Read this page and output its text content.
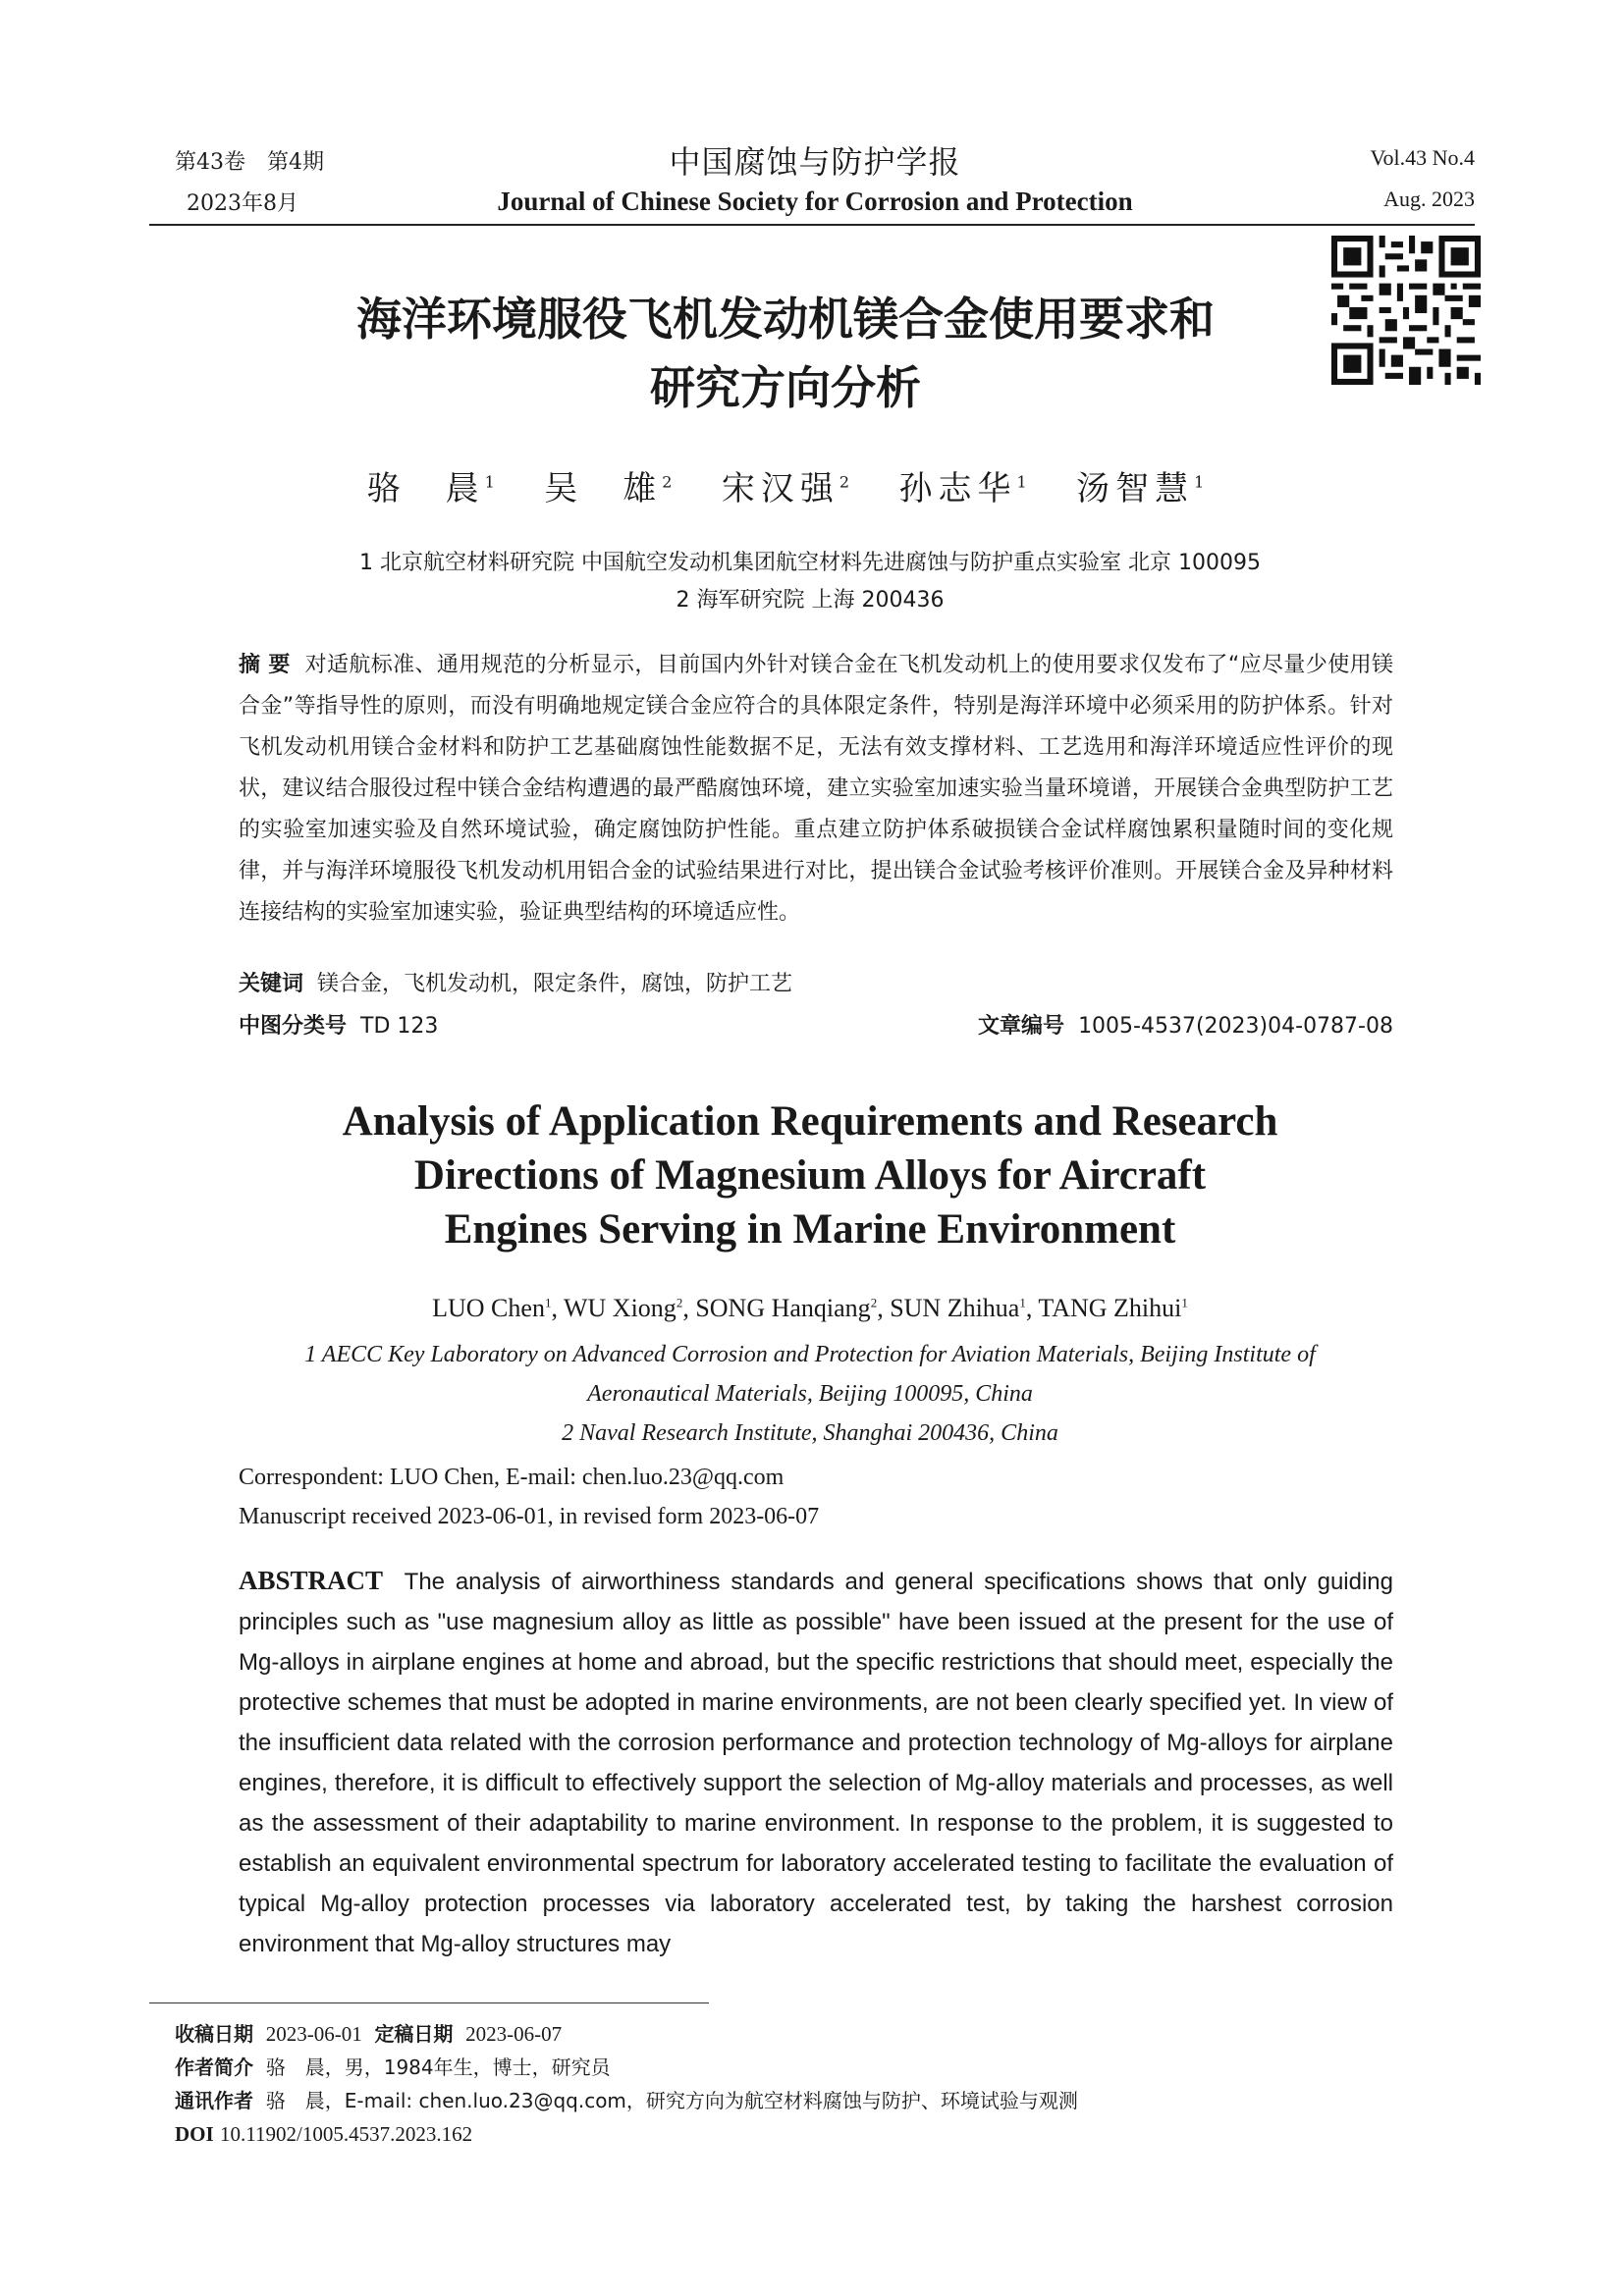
第43卷　第4期
2023年8月
中国腐蚀与防护学报
Journal of Chinese Society for Corrosion and Protection
Vol.43 No.4
Aug. 2023
海洋环境服役飞机发动机镁合金使用要求和
研究方向分析
骆　晨$^1$ 吴　雄$^2$ 宋汉强$^2$ 孙志华$^1$ 汤智慧$^1$
1 北京航空材料研究院 中国航空发动机集团航空材料先进腐蚀与防护重点实验室 北京 100095
2 海军研究院 上海 200436
摘 要 对适航标准、通用规范的分析显示，目前国内外针对镁合金在飞机发动机上的使用要求仅发布了“应尽量少使用镁合金”等指导性的原则，而没有明确地规定镁合金应符合的具体限定条件，特别是海洋环境中必须采用的防护体系。针对飞机发动机用镁合金材料和防护工艺基础腐蚀性能数据不足，无法有效支撑材料、工艺选用和海洋环境适应性评价的现状，建议结合服役过程中镁合金结构遭遇的最严酷腐蚀环境，建立实验室加速实验当量环境谱，开展镁合金典型防护工艺的实验室加速实验及自然环境试验，确定腐蚀防护性能。重点建立防护体系破损镁合金试样腐蚀累积量随时间的变化规律，并与海洋环境服役飞机发动机用铝合金的试验结果进行对比，提出镁合金试验考核评价准则。开展镁合金及异种材料连接结构的实验室加速实验，验证典型结构的环境适应性。
关键词 镁合金，飞机发动机，限定条件，腐蚀，防护工艺
中图分类号 TD 123	文章编号 1005-4537(2023)04-0787-08
Analysis of Application Requirements and Research
Directions of Magnesium Alloys for Aircraft
Engines Serving in Marine Environment
LUO Chen$^1$, WU Xiong$^2$, SONG Hanqiang$^2$, SUN Zhihua$^1$, TANG Zhihui$^1$
1 AECC Key Laboratory on Advanced Corrosion and Protection for Aviation Materials, Beijing Institute of
Aeronautical Materials, Beijing 100095, China
2 Naval Research Institute, Shanghai 200436, China
Correspondent: LUO Chen, E-mail: chen.luo.23@qq.com
Manuscript received 2023-06-01, in revised form 2023-06-07
ABSTRACT The analysis of airworthiness standards and general specifications shows that only guiding principles such as "use magnesium alloy as little as possible" have been issued at the present for the use of Mg-alloys in airplane engines at home and abroad, but the specific restrictions that should meet, especially the protective schemes that must be adopted in marine environments, are not been clearly specified yet. In view of the insufficient data related with the corrosion performance and protection technology of Mg-alloys for airplane engines, therefore, it is difficult to effectively support the selection of Mg-alloy materials and processes, as well as the assessment of their adaptability to marine environment. In response to the problem, it is suggested to establish an equivalent environmental spectrum for laboratory accelerated testing to facilitate the evaluation of typical Mg-alloy protection processes via laboratory accelerated test, by taking the harshest corrosion environment that Mg-alloy structures may
收稿日期 2023-06-01 定稿日期 2023-06-07
作者简介 骆　晨，男，1984年生，博士，研究员
通讯作者 骆　晨，E-mail: chen.luo.23@qq.com，研究方向为航空材料腐蚀与防护、环境试验与观测
DOI 10.11902/1005.4537.2023.162
